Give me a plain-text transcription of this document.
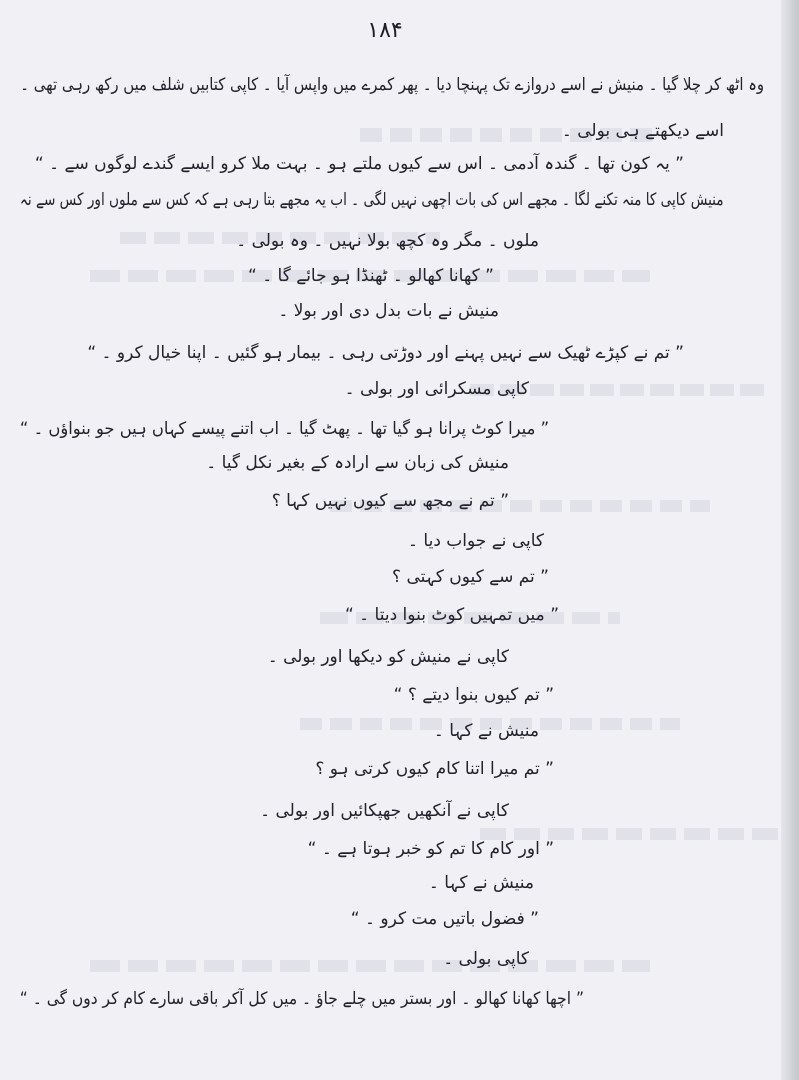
۱۸۴
وہ اٹھ کر چلا گیا ۔ منیش نے اسے دروازے تک پہنچا دیا ۔ پھر کمرے میں واپس آیا ۔ کاپی کتابیں شلف میں رکھ رہی تھی ۔
اسے دیکھتے ہی بولی ۔
” یہ کون تھا ۔ گندہ آدمی ۔ اس سے کیوں ملتے ہو ۔ بہت ملا کرو ایسے گندے لوگوں سے ۔ “
منیش کاپی کا منہ تکنے لگا ۔ مجھے اس کی بات اچھی نہیں لگی ۔ اب یہ مجھے بتا رہی ہے کہ کس سے ملوں اور کس سے نہ
ملوں ۔ مگر وہ کچھ بولا نہیں ۔ وہ بولی ۔
” کھانا کھالو ۔ ٹھنڈا ہو جائے گا ۔ “
منیش نے بات بدل دی اور بولا ۔
” تم نے کپڑے ٹھیک سے نہیں پہنے اور دوڑتی رہی ۔ بیمار ہو گئیں ۔ اپنا خیال کرو ۔ “
کاپی مسکرائی اور بولی ۔
” میرا کوٹ پرانا ہو گیا تھا ۔ پھٹ گیا ۔ اب اتنے پیسے کہاں ہیں جو بنواؤں ۔ “
منیش کی زبان سے ارادہ کے بغیر نکل گیا ۔
” تم نے مجھ سے کیوں نہیں کہا ؟
کاپی نے جواب دیا ۔
” تم سے کیوں کہتی ؟
” میں تمہیں کوٹ بنوا دیتا ۔ “
کاپی نے منیش کو دیکھا اور بولی ۔
” تم کیوں بنوا دیتے ؟ “
منیش نے کہا ۔
” تم میرا اتنا کام کیوں کرتی ہو ؟
کاپی نے آنکھیں جھپکائیں اور بولی ۔
” اور کام کا تم کو خبر ہوتا ہے ۔ “
منیش نے کہا ۔
” فضول باتیں مت کرو ۔ “
کاپی بولی ۔
” اچھا کھانا کھالو ۔ اور بستر میں چلے جاؤ ۔ میں کل آکر باقی سارے کام کر دوں گی ۔ “
